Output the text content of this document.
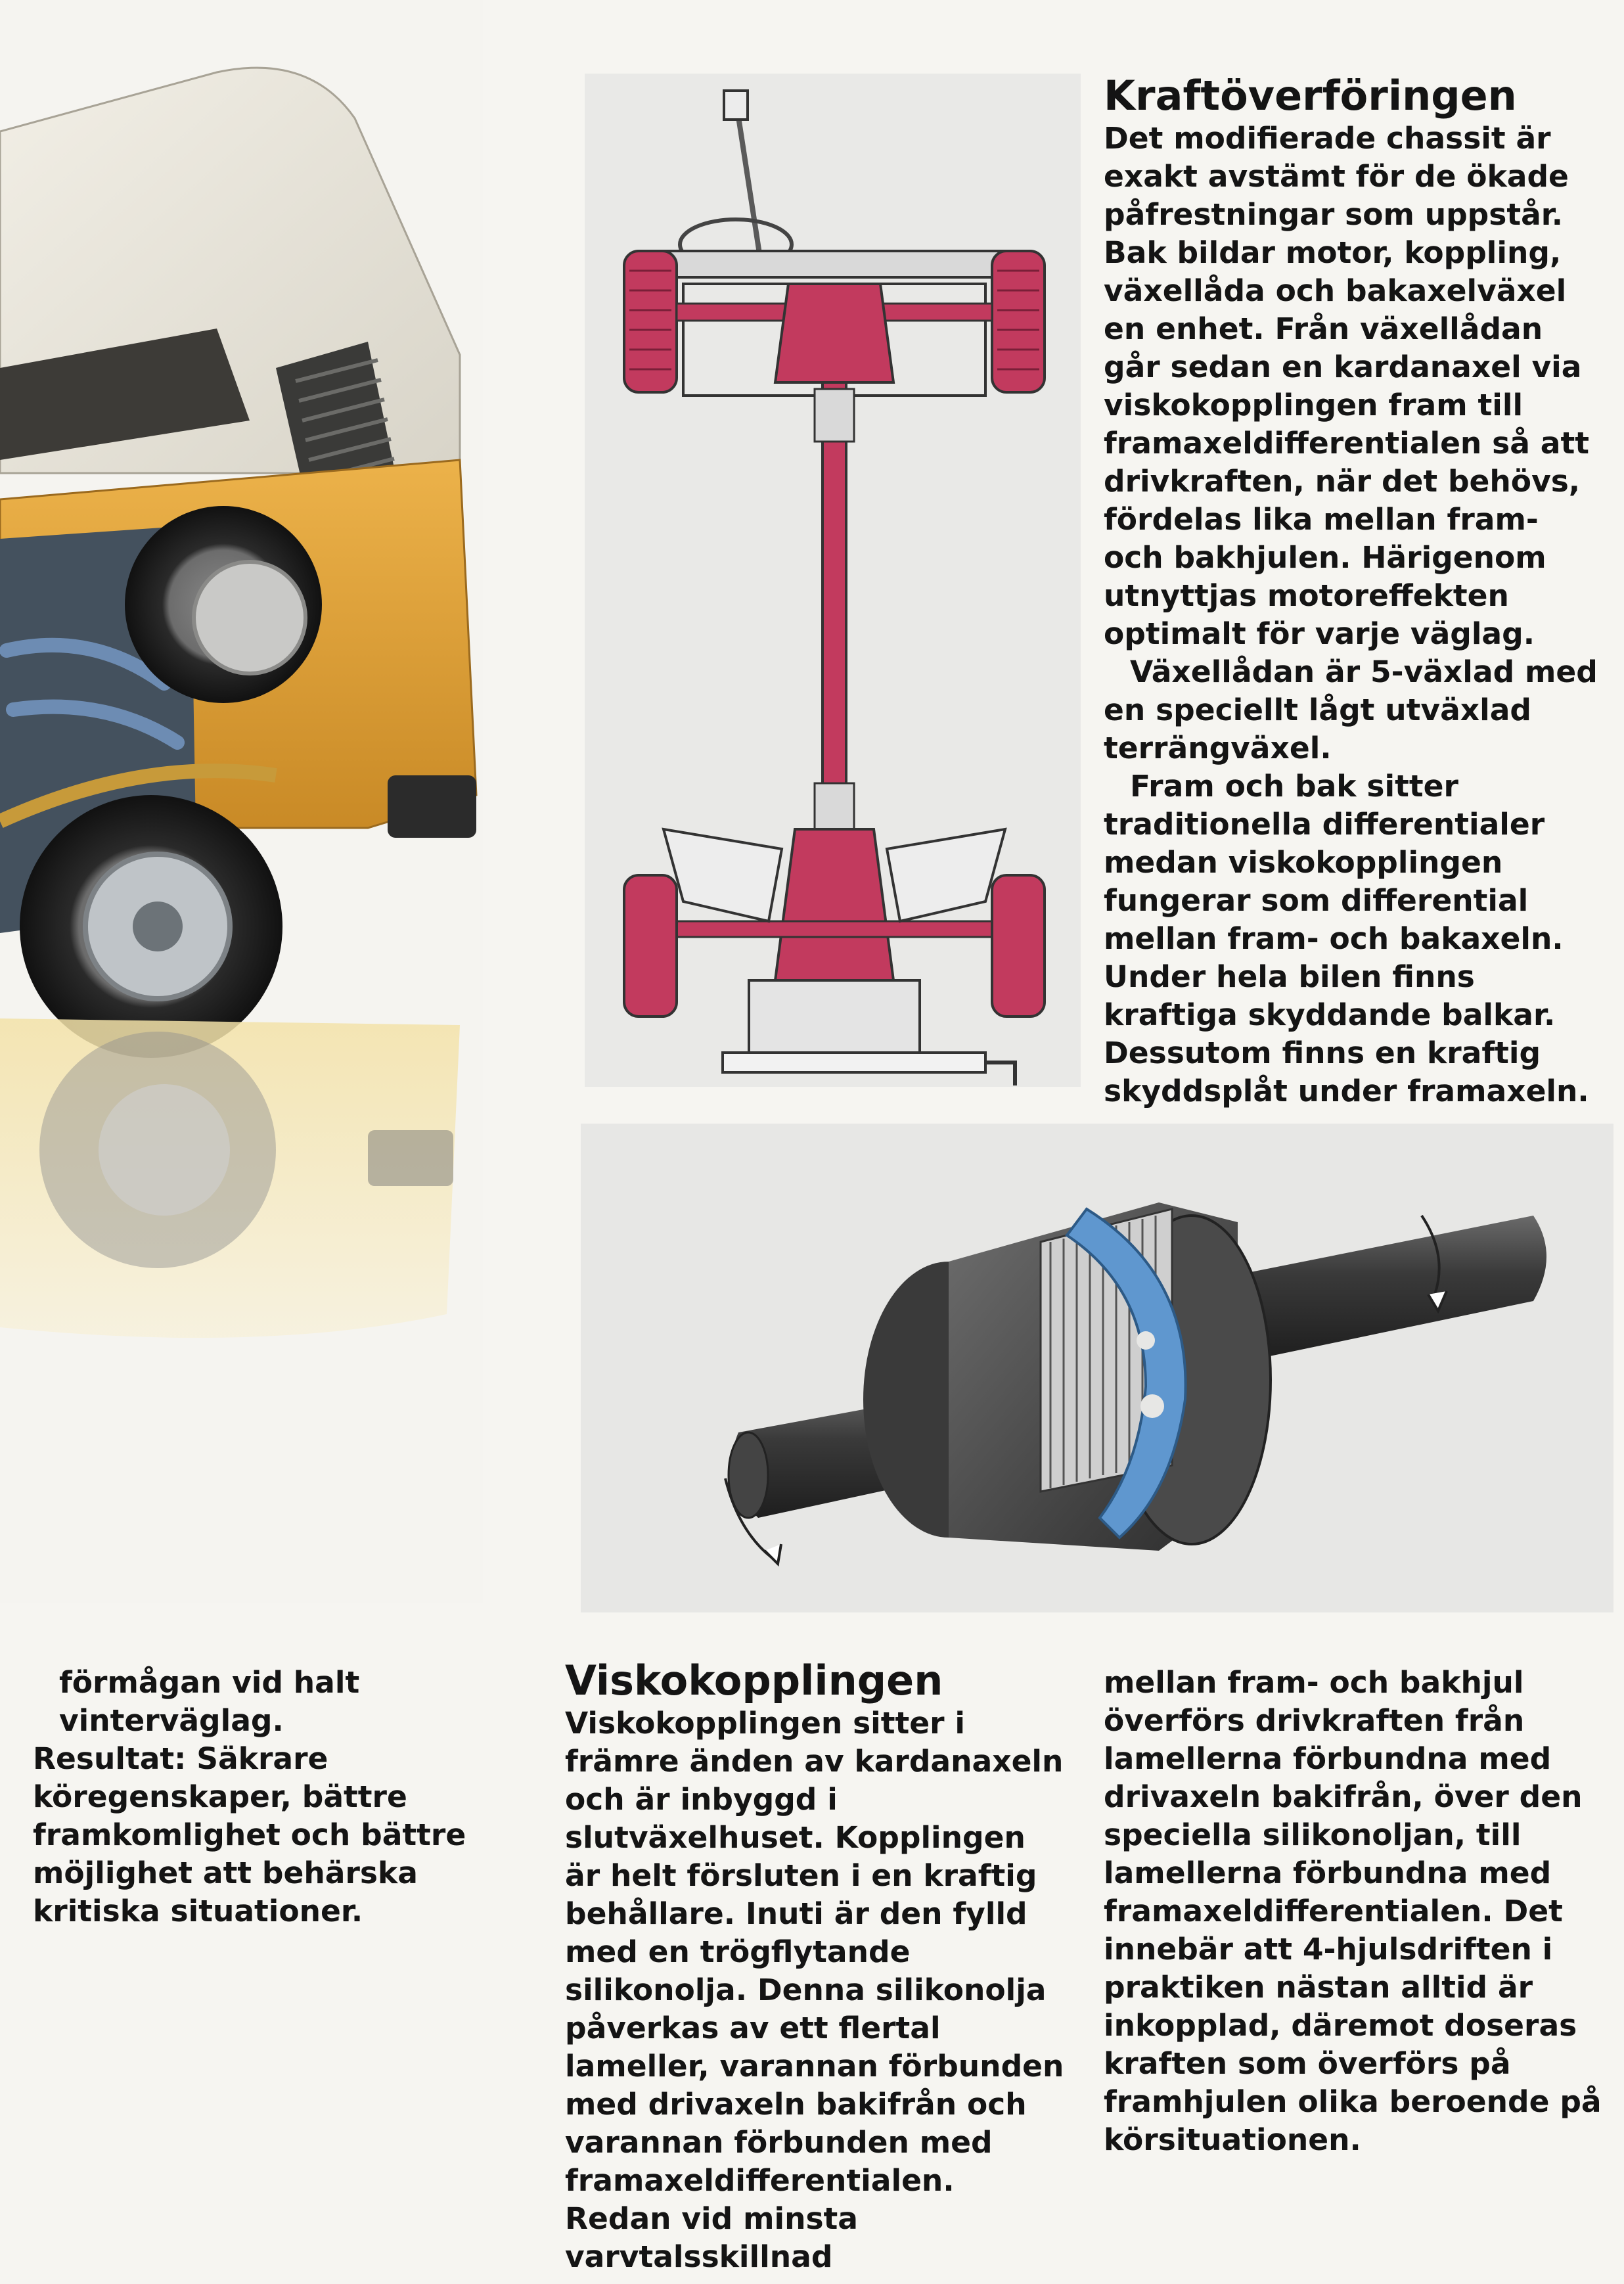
Kraftöverföringen

Det modifierade chassit är exakt avstämt för de ökade påfrestningar som uppstår. Bak bildar motor, koppling, växellåda och bakaxelväxel en enhet. Från växellådan går sedan en kardanaxel via viskokopplingen fram till framaxeldifferentialen så att drivkraften, när det behövs, fördelas lika mellan fram- och bakhjulen. Härigenom utnyttjas motoreffekten optimalt för varje väglag.

Växellådan är 5-växlad med en speciellt lågt utväxlad terrängväxel.

Fram och bak sitter traditionella differentialer medan viskokopplingen fungerar som differential mellan fram- och bakaxeln. Under hela bilen finns kraftiga skyddande balkar. Dessutom finns en kraftig skyddsplåt under framaxeln.

förmågan vid halt vinterväglag.

Resultat: Säkrare köregenskaper, bättre framkomlighet och bättre möjlighet att behärska kritiska situationer.

Viskokopplingen

Viskokopplingen sitter i främre änden av kardanaxeln och är inbyggd i slutväxelhuset. Kopplingen är helt försluten i en kraftig behållare. Inuti är den fylld med en trögflytande silikonolja. Denna silikonolja påverkas av ett flertal lameller, varannan förbunden med drivaxeln bakifrån och varannan förbunden med framaxeldifferentialen. Redan vid minsta varvtalsskillnad

mellan fram- och bakhjul överförs drivkraften från lamellerna förbundna med drivaxeln bakifrån, över den speciella silikonoljan, till lamellerna förbundna med framaxeldifferentialen. Det innebär att 4-hjulsdriften i praktiken nästan alltid är inkopplad, däremot doseras kraften som överförs på framhjulen olika beroende på körsituationen.
